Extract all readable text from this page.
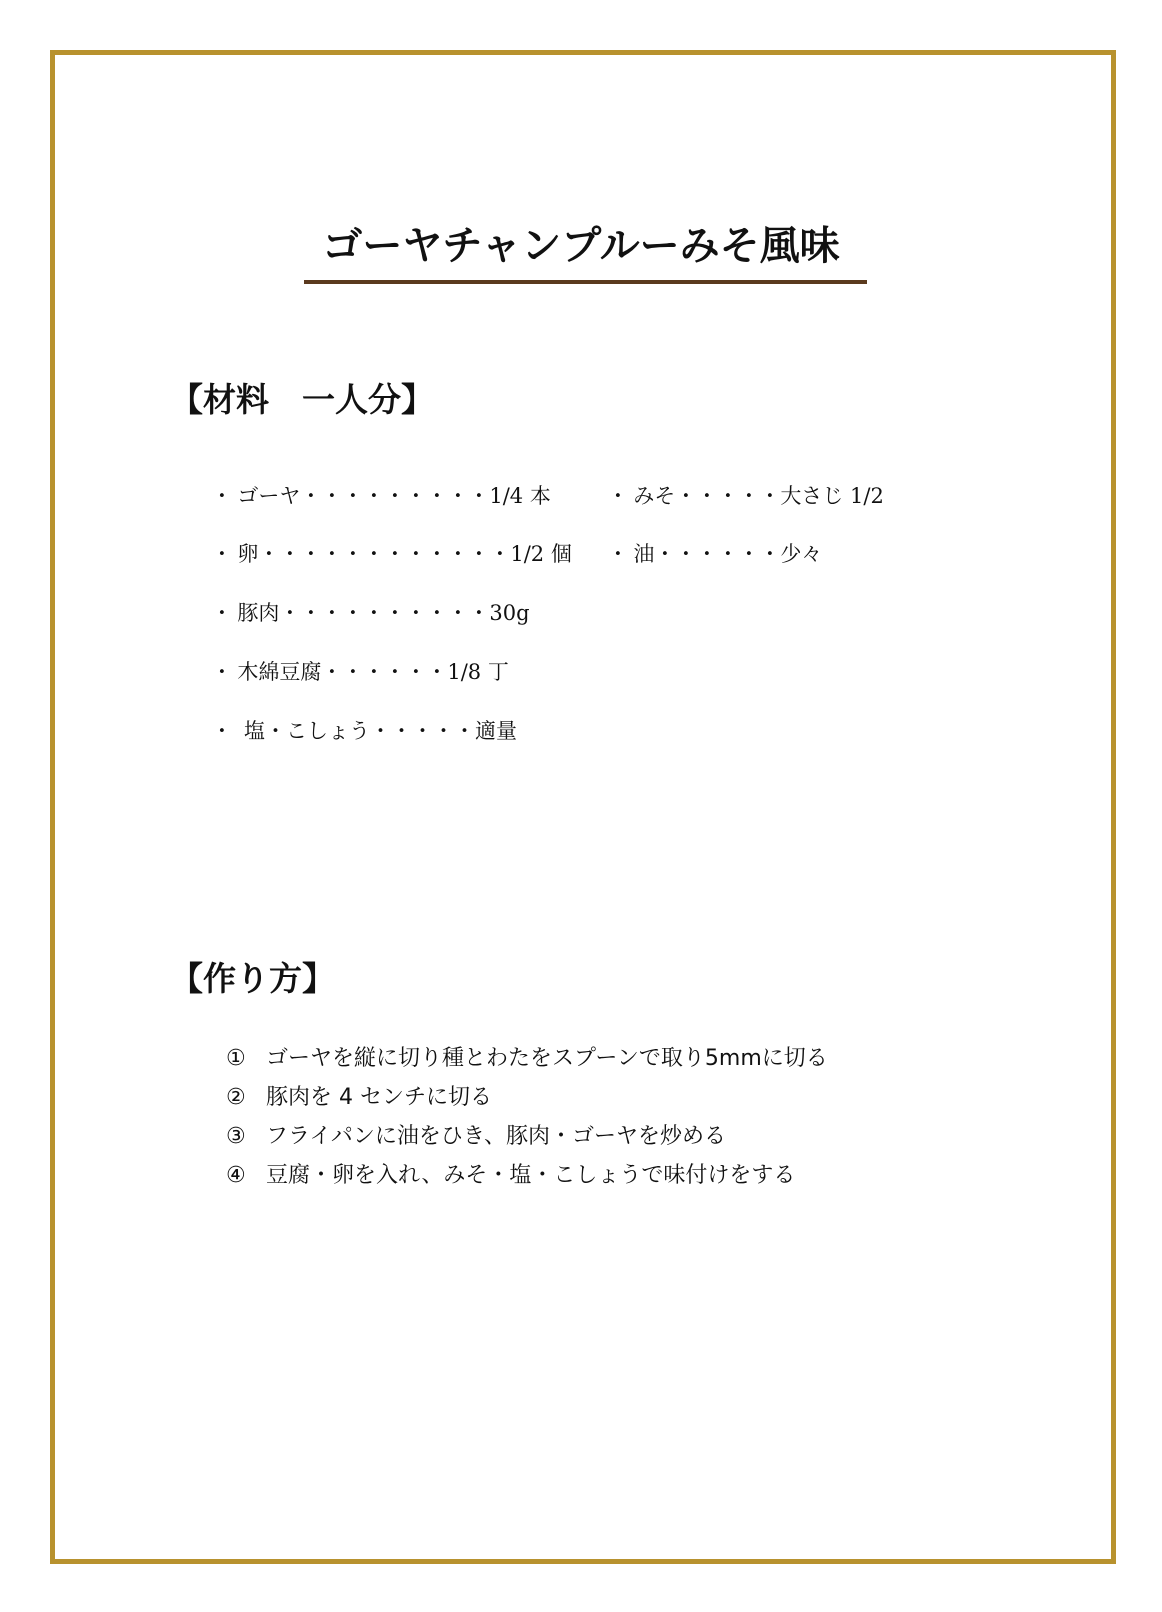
ゴーヤチャンプルーみそ風味
【材料　一人分】

・ ゴーヤ・・・・・・・・・1/4 本

・ 卵・・・・・・・・・・・・1/2 個

・ 豚肉・・・・・・・・・・30g

・ 木綿豆腐・・・・・・1/8 丁

・ 塩・こしょう・・・・・適量

・ みそ・・・・・大さじ 1/2

・ 油・・・・・・少々

【作り方】

① ゴーヤを縦に切り種とわたをスプーンで取り5mmに切る

② 豚肉を 4 センチに切る

③ フライパンに油をひき、豚肉・ゴーヤを炒める

④ 豆腐・卵を入れ、みそ・塩・こしょうで味付けをする
